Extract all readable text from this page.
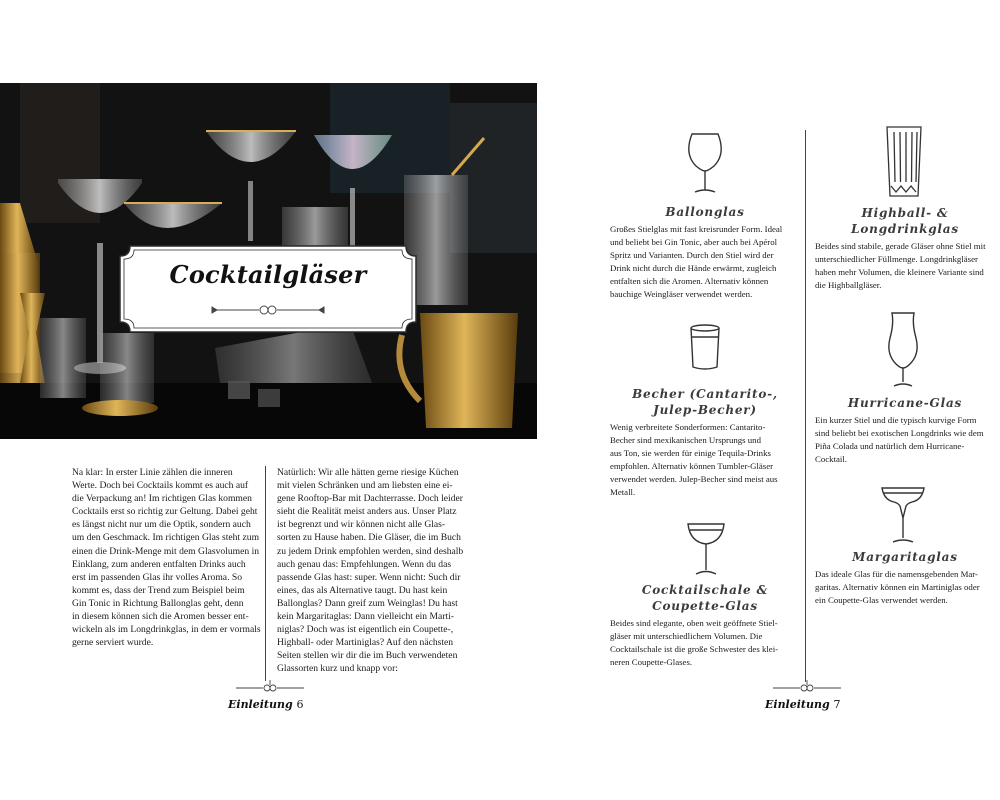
Cocktailgläser

Na klar: In erster Linie zählen die inneren
Werte. Doch bei Cocktails kommt es auch auf
die Verpackung an! Im richtigen Glas kommen
Cocktails erst so richtig zur Geltung. Dabei geht
es längst nicht nur um die Optik, sondern auch
um den Geschmack. Im richtigen Glas steht zum
einen die Drink-Menge mit dem Glasvolumen in
Einklang, zum anderen entfalten Drinks auch
erst im passenden Glas ihr volles Aroma. So
kommt es, dass der Trend zum Beispiel beim
Gin Tonic in Richtung Ballonglas geht, denn
in diesem können sich die Aromen besser ent-
wickeln als im Longdrinkglas, in dem er vormals
gerne serviert wurde.

Natürlich: Wir alle hätten gerne riesige Küchen
mit vielen Schränken und am liebsten eine ei-
gene Rooftop-Bar mit Dachterrasse. Doch leider
sieht die Realität meist anders aus. Unser Platz
ist begrenzt und wir können nicht alle Glas-
sorten zu Hause haben. Die Gläser, die im Buch
zu jedem Drink empfohlen werden, sind deshalb
auch genau das: Empfehlungen. Wenn du das
passende Glas hast: super. Wenn nicht: Such dir
eines, das als Alternative taugt. Du hast kein
Ballonglas? Dann greif zum Weinglas! Du hast
kein Margaritaglas: Dann vielleicht ein Marti-
niglas? Doch was ist eigentlich ein Coupette-,
Highball- oder Martiniglas? Auf den nächsten
Seiten stellen wir dir die im Buch verwendeten
Glassorten kurz und knapp vor:

Einleitung 6
Ballonglas

Großes Stielglas mit fast kreisrunder Form. Ideal
und beliebt bei Gin Tonic, aber auch bei Apérol
Spritz und Varianten. Durch den Stiel wird der
Drink nicht durch die Hände erwärmt, zugleich
entfalten sich die Aromen. Alternativ können
bauchige Weingläser verwendet werden.

Becher (Cantarito-,
Julep-Becher)

Wenig verbreitete Sonderformen: Cantarito-
Becher sind mexikanischen Ursprungs und
aus Ton, sie werden für einige Tequila-Drinks
empfohlen. Alternativ können Tumbler-Gläser
verwendet werden. Julep-Becher sind meist aus
Metall.

Cocktailschale &
Coupette-Glas

Beides sind elegante, oben weit geöffnete Stiel-
gläser mit unterschiedlichem Volumen. Die
Cocktailschale ist die große Schwester des klei-
neren Coupette-Glases.

Highball- &
Longdrinkglas

Beides sind stabile, gerade Gläser ohne Stiel mit
unterschiedlicher Füllmenge. Longdrinkgläser
haben mehr Volumen, die kleinere Variante sind
die Highballgläser.

Hurricane-Glas

Ein kurzer Stiel und die typisch kurvige Form
sind beliebt bei exotischen Longdrinks wie dem
Piña Colada und natürlich dem Hurricane-
Cocktail.

Margaritaglas

Das ideale Glas für die namensgebenden Mar-
garitas. Alternativ können ein Martiniglas oder
ein Coupette-Glas verwendet werden.

Einleitung 7
